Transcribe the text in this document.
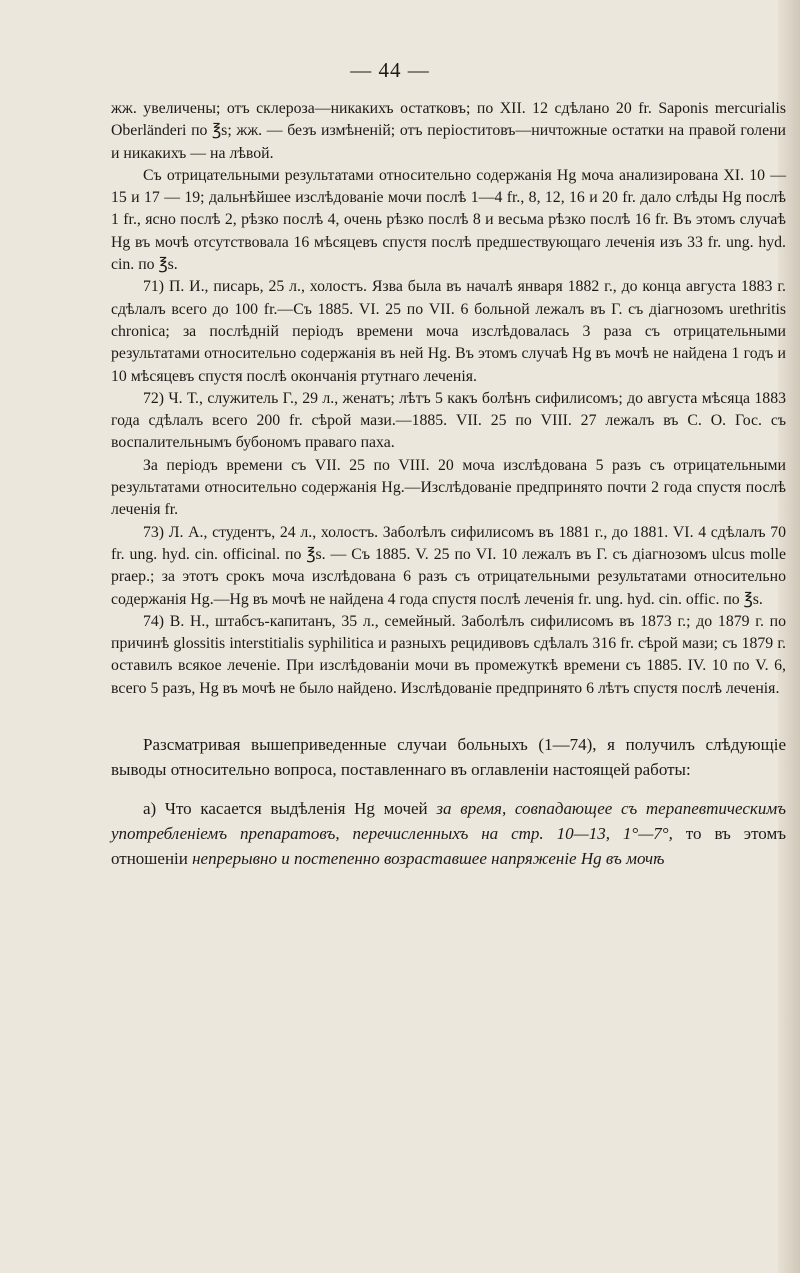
— 44 —

жж. увеличены; отъ склероза—никакихъ остатковъ; по XII. 12 сдѣлано 20 fr. Saponis mercurialis Oberländeri по ℥s; жж. — безъ измѣненій; отъ періоститовъ—ничтожные остатки на правой голени и никакихъ — на лѣвой.

Съ отрицательными результатами относительно содержанія Hg моча анализирована XI. 10 — 15 и 17 — 19; дальнѣйшее изслѣдованіе мочи послѣ 1—4 fr., 8, 12, 16 и 20 fr. дало слѣды Hg послѣ 1 fr., ясно послѣ 2, рѣзко послѣ 4, очень рѣзко послѣ 8 и весьма рѣзко послѣ 16 fr. Въ этомъ случаѣ Hg въ мочѣ отсутствовала 16 мѣсяцевъ спустя послѣ предшествующаго леченія изъ 33 fr. ung. hyd. cin. по ℥s.

71) П. И., писарь, 25 л., холостъ. Язва была въ началѣ января 1882 г., до конца августа 1883 г. сдѣлалъ всего до 100 fr.—Съ 1885. VI. 25 по VII. 6 больной лежалъ въ Г. съ діагнозомъ urethritis chronica; за послѣдній періодъ времени моча изслѣдовалась 3 раза съ отрицательными результатами относительно содержанія въ ней Hg. Въ этомъ случаѣ Hg въ мочѣ не найдена 1 годъ и 10 мѣсяцевъ спустя послѣ окончанія ртутнаго леченія.

72) Ч. Т., служитель Г., 29 л., женатъ; лѣтъ 5 какъ болѣнъ сифилисомъ; до августа мѣсяца 1883 года сдѣлалъ всего 200 fr. сѣрой мази.—1885. VII. 25 по VIII. 27 лежалъ въ С. О. Гос. съ воспалительнымъ бубономъ праваго паха.

За періодъ времени съ VII. 25 по VIII. 20 моча изслѣдована 5 разъ съ отрицательными результатами относительно содержанія Hg.—Изслѣдованіе предпринято почти 2 года спустя послѣ леченія fr.

73) Л. А., студентъ, 24 л., холостъ. Заболѣлъ сифилисомъ въ 1881 г., до 1881. VI. 4 сдѣлалъ 70 fr. ung. hyd. cin. officinal. по ℥s. — Съ 1885. V. 25 по VI. 10 лежалъ въ Г. съ діагнозомъ ulcus molle praep.; за этотъ срокъ моча изслѣдована 6 разъ съ отрицательными результатами относительно содержанія Hg.—Hg въ мочѣ не найдена 4 года спустя послѣ леченія fr. ung. hyd. cin. offic. по ℥s.

74) В. Н., штабсъ-капитанъ, 35 л., семейный. Заболѣлъ сифилисомъ въ 1873 г.; до 1879 г. по причинѣ glossitis interstitialis syphilitica и разныхъ рецидивовъ сдѣлалъ 316 fr. сѣрой мази; съ 1879 г. оставилъ всякое леченіе. При изслѣдованіи мочи въ промежуткѣ времени съ 1885. IV. 10 по V. 6, всего 5 разъ, Hg въ мочѣ не было найдено. Изслѣдованіе предпринято 6 лѣтъ спустя послѣ леченія.

Разсматривая вышеприведенные случаи больныхъ (1—74), я получилъ слѣдующіе выводы относительно вопроса, поставленнаго въ оглавленіи настоящей работы:

а) Что касается выдѣленія Hg мочей за время, совпадающее съ терапевтическимъ употребленіемъ препаратовъ, перечисленныхъ на стр. 10—13, 1°—7°, то въ этомъ отношеніи непрерывно и постепенно возраставшее напряженіе Hg въ мочѣ
